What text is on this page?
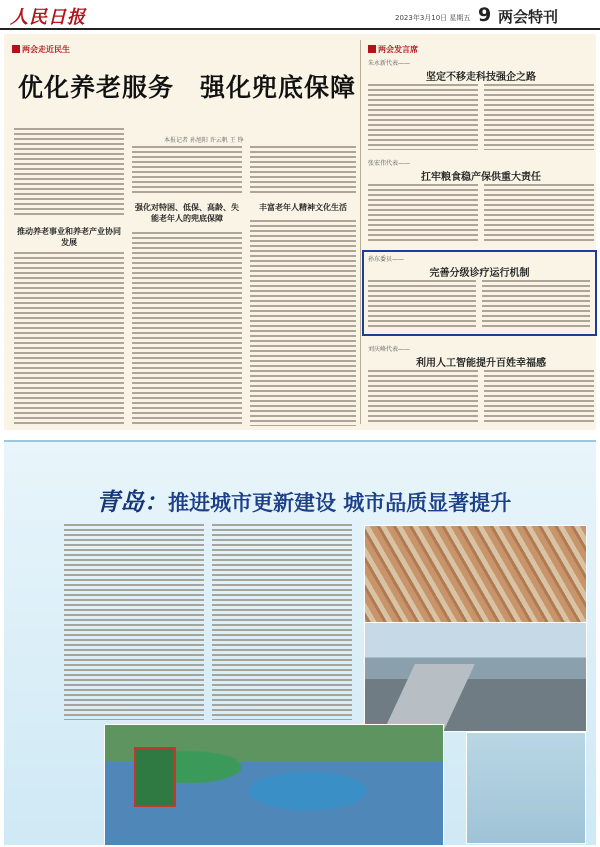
人民日报	2023年3月10日 星期五 9 两会特刊
两会走近民生
优化养老服务　强化兜底保障
本报记者 孙旭阳 许云帆 王 铮
推动养老事业和养老产业协同发展
强化对特困、低保、高龄、失能老年人的兜底保障
丰富老年人精神文化生活
两会发言席
朱永新代表——
坚定不移走科技强企之路
张宏伟代表——
扛牢粮食稳产保供重大责任
孙东委员——
完善分级诊疗运行机制
刘庆峰代表——
利用人工智能提升百姓幸福感
青岛：推进城市更新建设 城市品质显著提升
